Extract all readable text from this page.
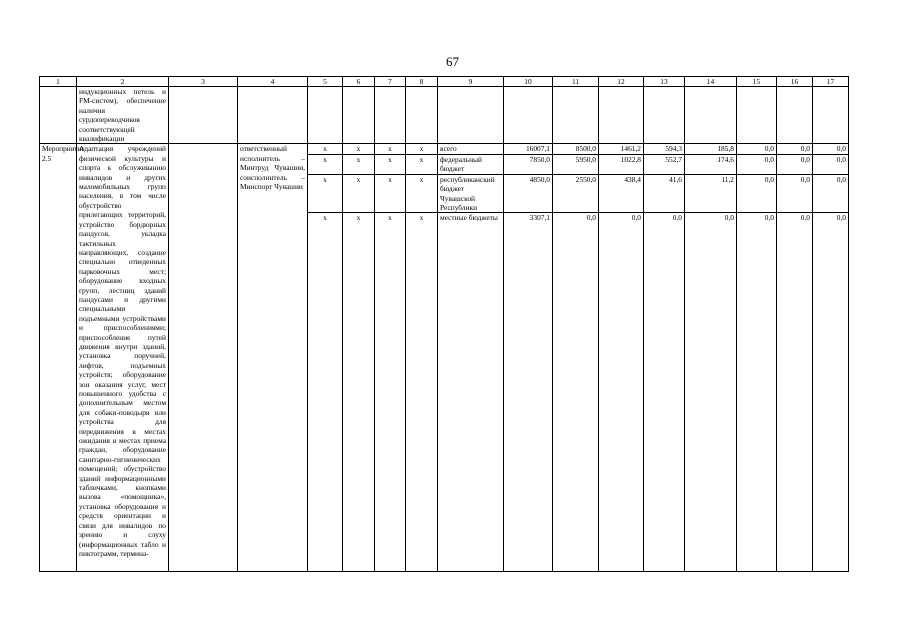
67
1	2	3	4	5	6	7	8	9	10	11	12	13	14	15	16	17
	индукционных петель и FM-систем), обеспечение наличия сурдопереводчиков соответствующей квалификации															
Мероприятие 2.5	Адаптация учреждений физической культуры и спорта к обслуживанию инвалидов и других маломобильных групп населения, в том числе обустройство прилегающих территорий, устройство бордюрных пандусов, укладка тактильных направляющих, создание специально отведенных парковочных мест; оборудование входных групп, лестниц зданий пандусами и другими специальными подъемными устройствами и приспособлениями; приспособление путей движения внутри зданий, установка поручней, лифтов, подъемных устройств; оборудование зон оказания услуг, мест повышенного удобства с дополнительным местом для собаки-поводыря или устройства для передвижения в местах ожидания и местах приема граждан, оборудование санитарно-гигиенических помещений; обустройство зданий информационными табличками, кнопками вызова «помощника», установка оборудования и средств ориентации и связи для инвалидов по зрению и слуху (информационных табло и пиктограмм, термина-		ответственный исполнитель – Минтруд Чувашии, соисполнитель – Минспорт Чувашии	x	x	x	x	всего	16007,1	8500,0	1461,2	594,3	185,8	0,0	0,0	0,0
				x	x	x	x	федеральный бюджет	7850,0	5950,0	1022,8	552,7	174,6	0,0	0,0	0,0
				x	x	x	x	республиканский бюджет Чувашской Республики	4850,0	2550,0	438,4	41,6	11,2	0,0	0,0	0,0
				x	x	x	x	местные бюджеты	3307,1	0,0	0,0	0,0	0,0	0,0	0,0	0,0
